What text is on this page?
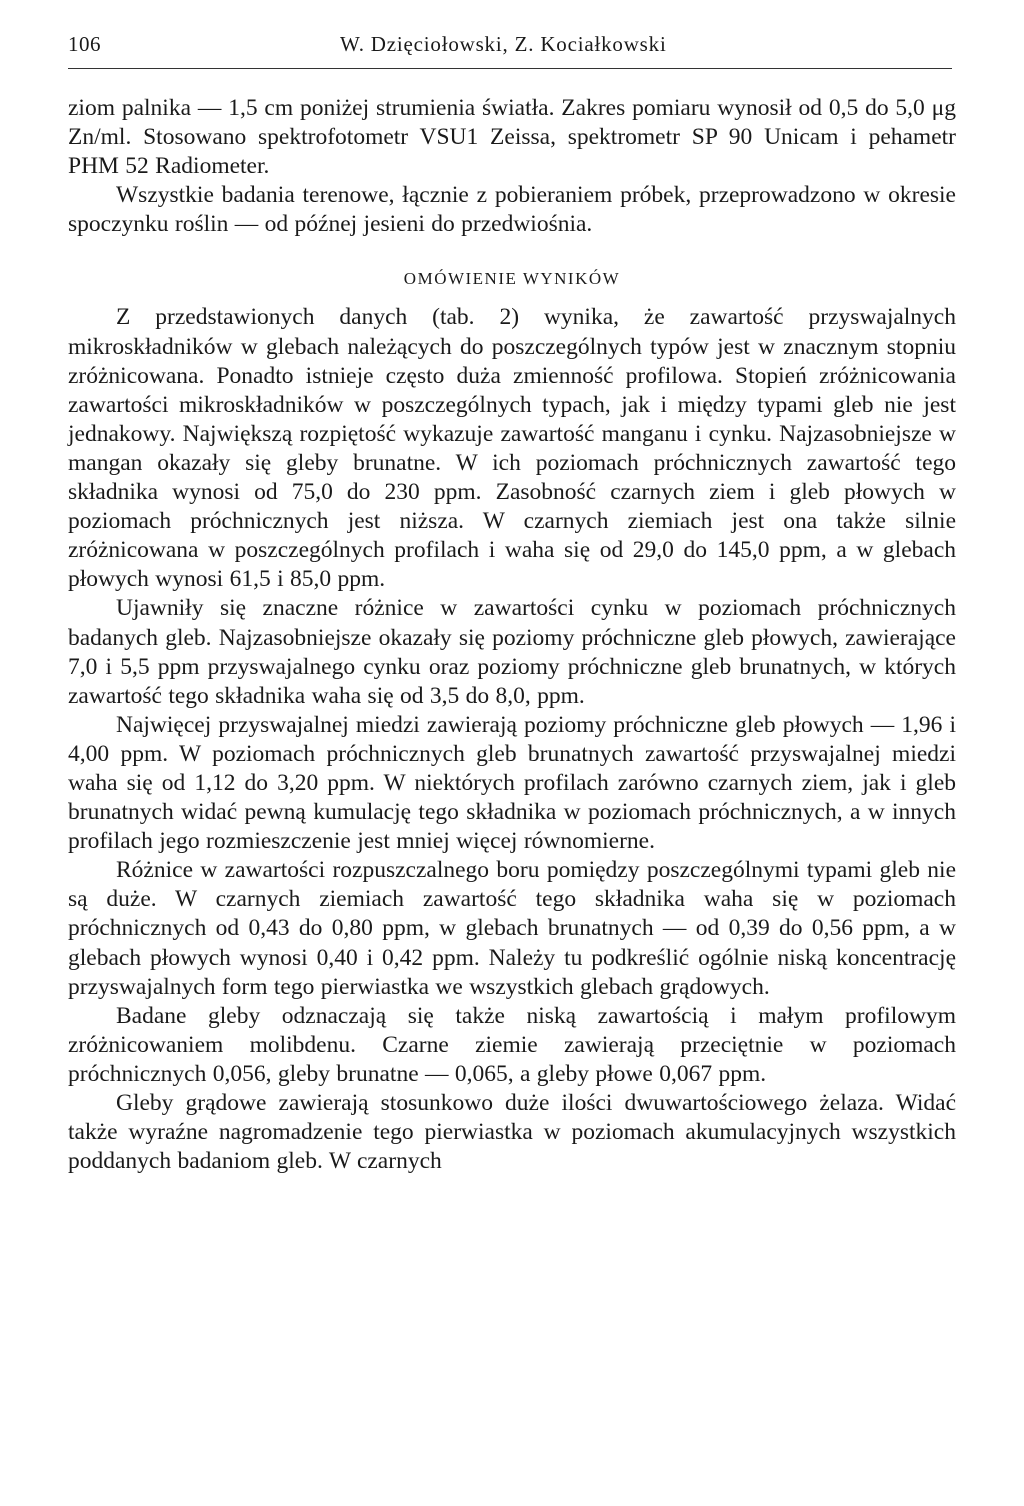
106	W. Dzięciołowski, Z. Kociałkowski

ziom palnika — 1,5 cm poniżej strumienia światła. Zakres pomiaru wynosił od 0,5 do 5,0 μg Zn/ml. Stosowano spektrofotometr VSU1 Zeissa, spektrometr SP 90 Unicam i pehametr PHM 52 Radiometer.

Wszystkie badania terenowe, łącznie z pobieraniem próbek, przeprowadzono w okresie spoczynku roślin — od późnej jesieni do przedwiośnia.

OMÓWIENIE WYNIKÓW

Z przedstawionych danych (tab. 2) wynika, że zawartość przyswajalnych mikroskładników w glebach należących do poszczególnych typów jest w znacznym stopniu zróżnicowana. Ponadto istnieje często duża zmienność profilowa. Stopień zróżnicowania zawartości mikroskładników w poszczególnych typach, jak i między typami gleb nie jest jednakowy. Największą rozpiętość wykazuje zawartość manganu i cynku. Najzasobniejsze w mangan okazały się gleby brunatne. W ich poziomach próchnicznych zawartość tego składnika wynosi od 75,0 do 230 ppm. Zasobność czarnych ziem i gleb płowych w poziomach próchnicznych jest niższa. W czarnych ziemiach jest ona także silnie zróżnicowana w poszczególnych profilach i waha się od 29,0 do 145,0 ppm, a w glebach płowych wynosi 61,5 i 85,0 ppm.

Ujawniły się znaczne różnice w zawartości cynku w poziomach próchnicznych badanych gleb. Najzasobniejsze okazały się poziomy próchniczne gleb płowych, zawierające 7,0 i 5,5 ppm przyswajalnego cynku oraz poziomy próchniczne gleb brunatnych, w których zawartość tego składnika waha się od 3,5 do 8,0, ppm.

Najwięcej przyswajalnej miedzi zawierają poziomy próchniczne gleb płowych — 1,96 i 4,00 ppm. W poziomach próchnicznych gleb brunatnych zawartość przyswajalnej miedzi waha się od 1,12 do 3,20 ppm. W niektórych profilach zarówno czarnych ziem, jak i gleb brunatnych widać pewną kumulację tego składnika w poziomach próchnicznych, a w innych profilach jego rozmieszczenie jest mniej więcej równomierne.

Różnice w zawartości rozpuszczalnego boru pomiędzy poszczególnymi typami gleb nie są duże. W czarnych ziemiach zawartość tego składnika waha się w poziomach próchnicznych od 0,43 do 0,80 ppm, w glebach brunatnych — od 0,39 do 0,56 ppm, a w glebach płowych wynosi 0,40 i 0,42 ppm. Należy tu podkreślić ogólnie niską koncentrację przyswajalnych form tego pierwiastka we wszystkich glebach grądowych.

Badane gleby odznaczają się także niską zawartością i małym profilowym zróżnicowaniem molibdenu. Czarne ziemie zawierają przeciętnie w poziomach próchnicznych 0,056, gleby brunatne — 0,065, a gleby płowe 0,067 ppm.

Gleby grądowe zawierają stosunkowo duże ilości dwuwartościowego żelaza. Widać także wyraźne nagromadzenie tego pierwiastka w poziomach akumulacyjnych wszystkich poddanych badaniom gleb. W czarnych
